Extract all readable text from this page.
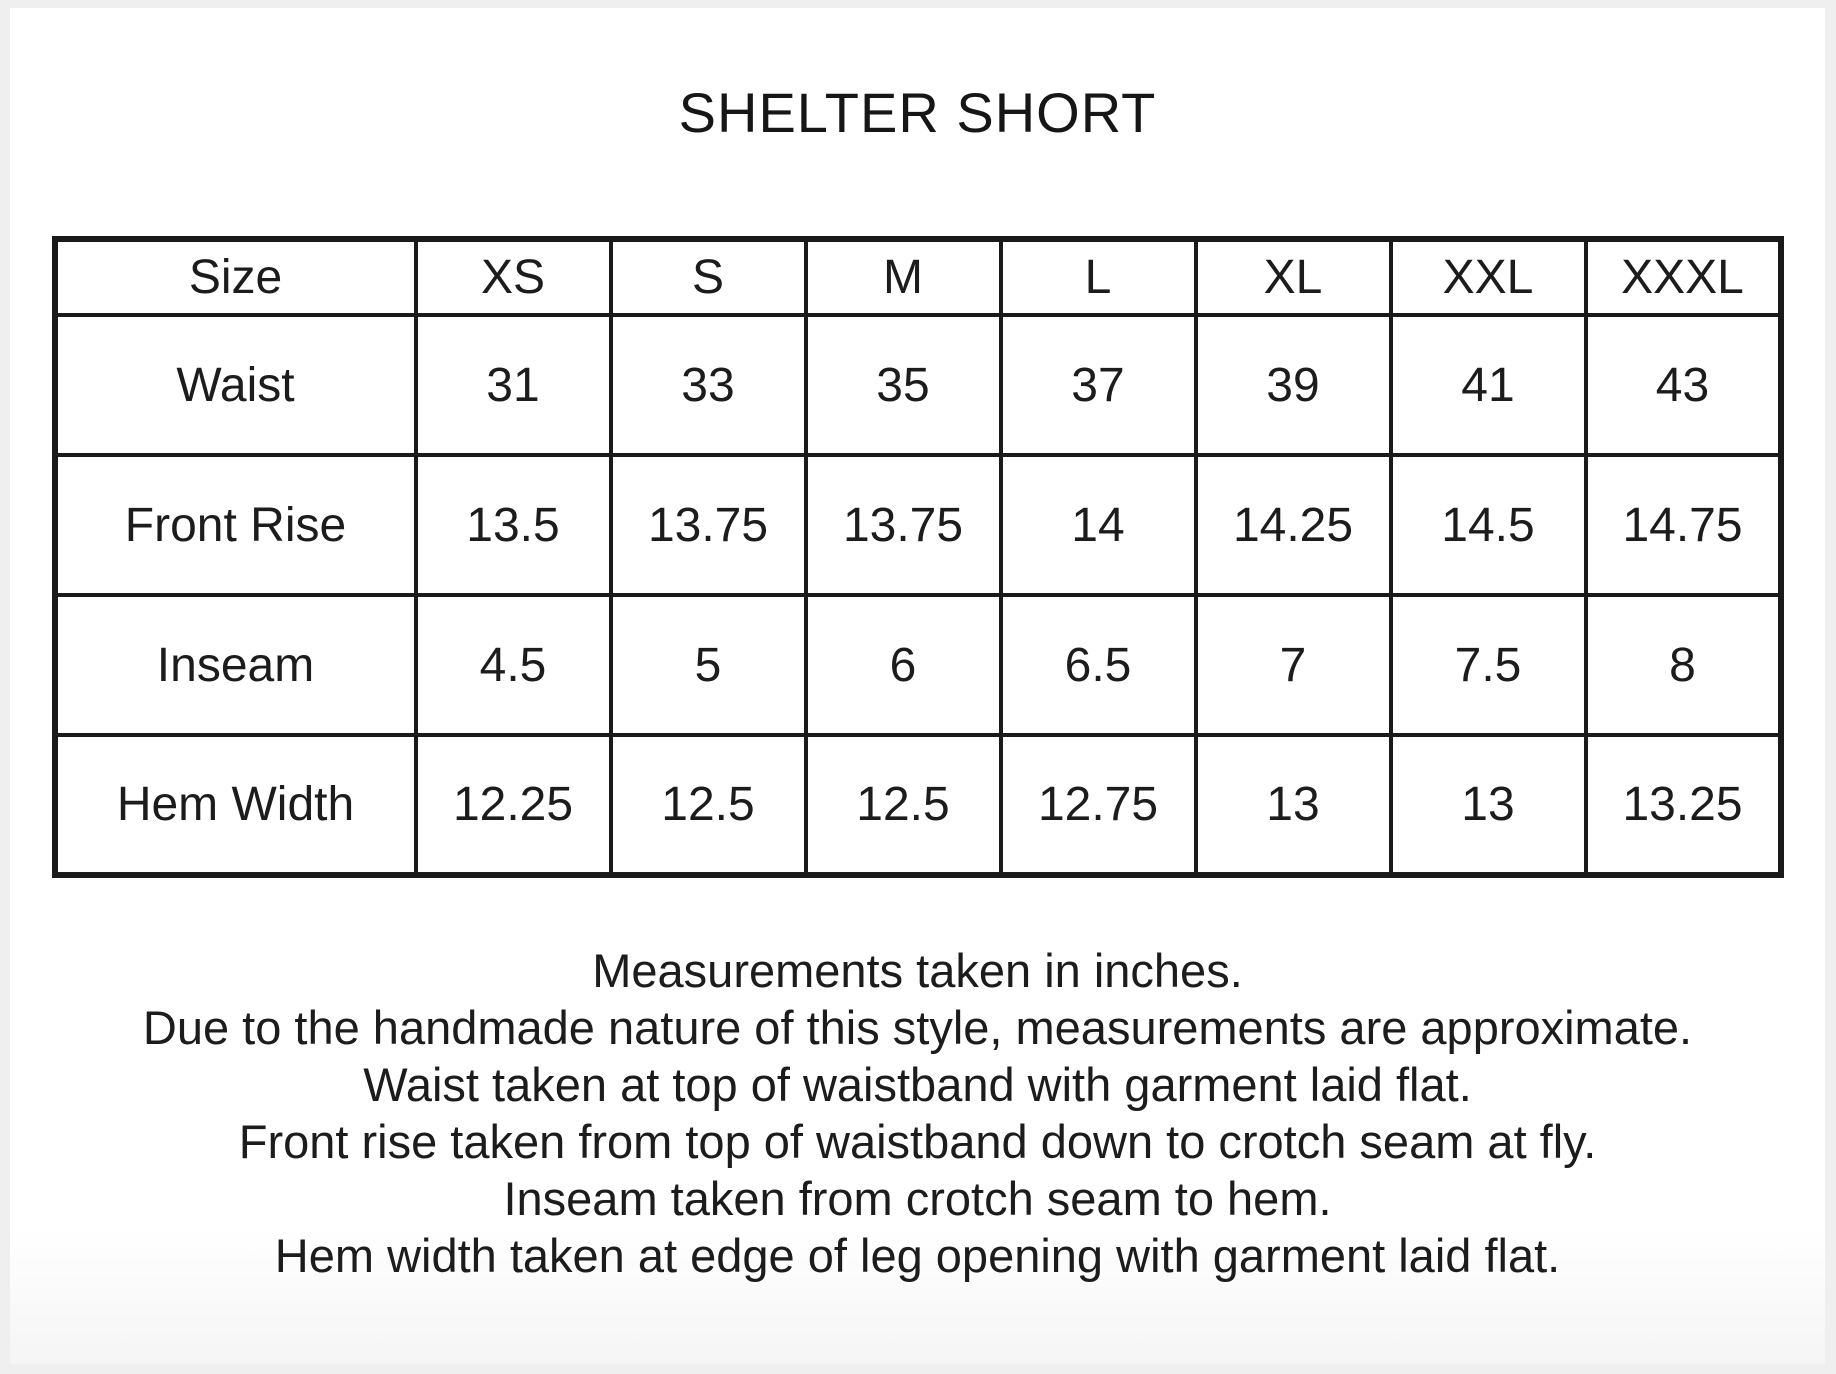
SHELTER SHORT
Size	XS	S	M	L	XL	XXL	XXXL
Waist	31	33	35	37	39	41	43
Front Rise	13.5	13.75	13.75	14	14.25	14.5	14.75
Inseam	4.5	5	6	6.5	7	7.5	8
Hem Width	12.25	12.5	12.5	12.75	13	13	13.25
Measurements taken in inches.
Due to the handmade nature of this style, measurements are approximate.
Waist taken at top of waistband with garment laid flat.
Front rise taken from top of waistband down to crotch seam at fly.
Inseam taken from crotch seam to hem.
Hem width taken at edge of leg opening with garment laid flat.
